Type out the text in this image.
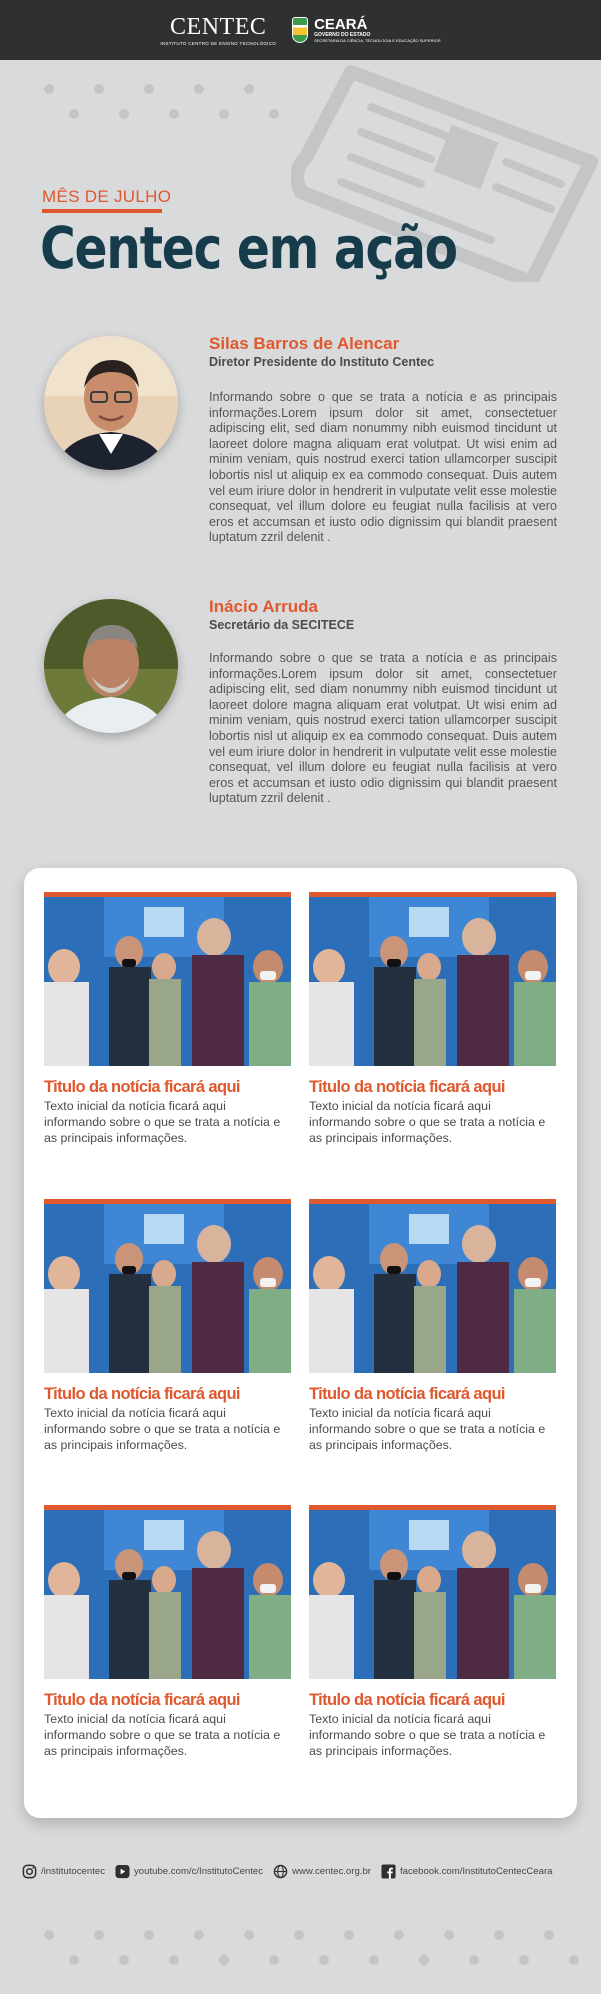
CENTEC
INSTITUTO CENTRO DE ENSINO TECNOLÓGICO
CEARÁ
GOVERNO DO ESTADO
SECRETARIA DA CIÊNCIA, TECNOLOGIA E EDUCAÇÃO SUPERIOR
MÊS DE JULHO
Centec em ação
Silas Barros de Alencar
Diretor Presidente do Instituto Centec

Informando sobre o que se trata a notícia e as principais informações.Lorem ipsum dolor sit amet, consectetuer adipiscing elit, sed diam nonummy nibh euismod tincidunt ut laoreet dolore magna aliquam erat volutpat. Ut wisi enim ad minim veniam, quis nostrud exerci tation ullamcorper suscipit lobortis nisl ut aliquip ex ea commodo consequat. Duis autem vel eum iriure dolor in hendrerit in vulputate velit esse molestie consequat, vel illum dolore eu feugiat nulla facilisis at vero eros et accumsan et iusto odio dignissim qui blandit praesent luptatum zzril delenit .

Inácio Arruda
Secretário da SECITECE

Informando sobre o que se trata a notícia e as principais informações.Lorem ipsum dolor sit amet, consectetuer adipiscing elit, sed diam nonummy nibh euismod tincidunt ut laoreet dolore magna aliquam erat volutpat. Ut wisi enim ad minim veniam, quis nostrud exerci tation ullamcorper suscipit lobortis nisl ut aliquip ex ea commodo consequat. Duis autem vel eum iriure dolor in hendrerit in vulputate velit esse molestie consequat, vel illum dolore eu feugiat nulla facilisis at vero eros et accumsan et iusto odio dignissim qui blandit praesent luptatum zzril delenit .

Titulo da notícia ficará aqui
Texto inicial da notícia ficará aqui informando sobre o que se trata a notícia e as principais informações.
Titulo da notícia ficará aqui
Texto inicial da notícia ficará aqui informando sobre o que se trata a notícia e as principais informações.
Titulo da notícia ficará aqui
Texto inicial da notícia ficará aqui informando sobre o que se trata a notícia e as principais informações.
Titulo da notícia ficará aqui
Texto inicial da notícia ficará aqui informando sobre o que se trata a notícia e as principais informações.
Titulo da notícia ficará aqui
Texto inicial da notícia ficará aqui informando sobre o que se trata a notícia e as principais informações.
Titulo da notícia ficará aqui
Texto inicial da notícia ficará aqui informando sobre o que se trata a notícia e as principais informações.
/institutocentec	youtube.com/c/InstitutoCentec	www.centec.org.br	facebook.com/InstitutoCentecCeara
